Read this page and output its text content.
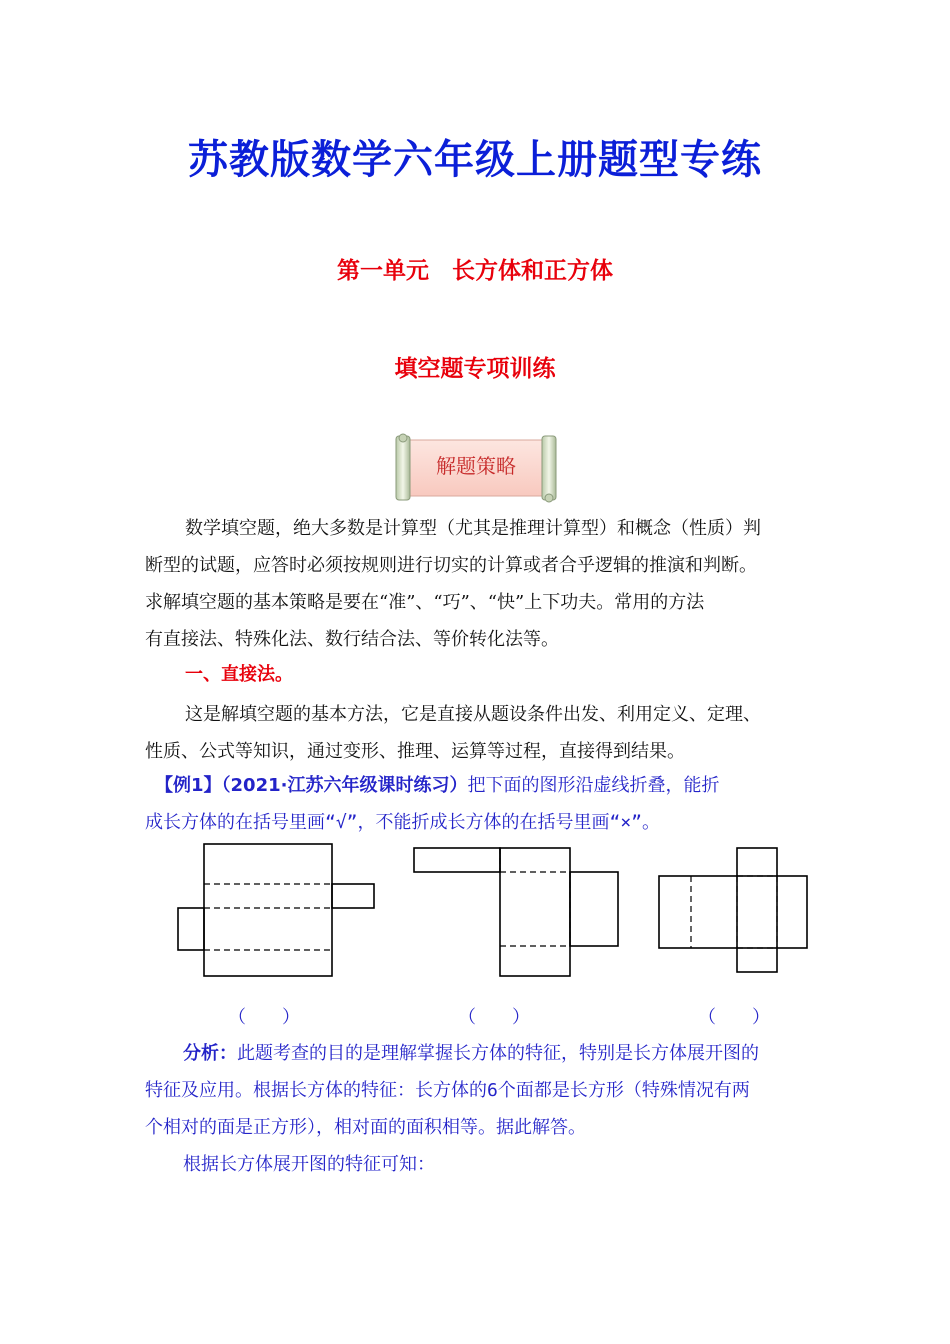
苏教版数学六年级上册题型专练
第一单元　长方体和正方体
填空题专项训练
解题策略
数学填空题，绝大多数是计算型（尤其是推理计算型）和概念（性质）判
断型的试题，应答时必须按规则进行切实的计算或者合乎逻辑的推演和判断。
求解填空题的基本策略是要在“准”、“巧”、“快”上下功夫。常用的方法
有直接法、特殊化法、数行结合法、等价转化法等。
一、直接法。
这是解填空题的基本方法，它是直接从题设条件出发、利用定义、定理、
性质、公式等知识，通过变形、推理、运算等过程，直接得到结果。
【例1】（2021·江苏六年级课时练习）把下面的图形沿虚线折叠，能折
成长方体的在括号里画“√”，不能折成长方体的在括号里画“×”。
（　　）	（　　）	（　　）
分析：此题考查的目的是理解掌握长方体的特征，特别是长方体展开图的
特征及应用。根据长方体的特征：长方体的6个面都是长方形（特殊情况有两
个相对的面是正方形），相对面的面积相等。据此解答。
根据长方体展开图的特征可知：
